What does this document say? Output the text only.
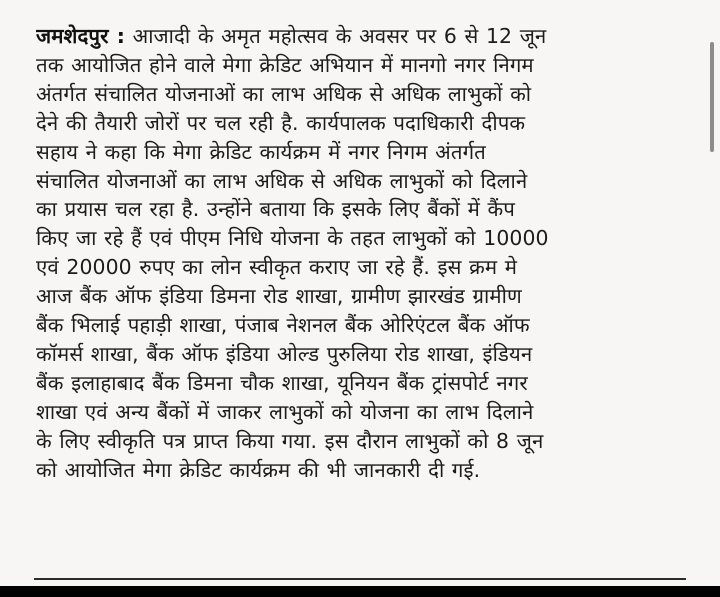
जमशेदपुर : आजादी के अमृत महोत्सव के अवसर पर 6 से 12 जून
तक आयोजित होने वाले मेगा क्रेडिट अभियान में मानगो नगर निगम
अंतर्गत संचालित योजनाओं का लाभ अधिक से अधिक लाभुकों को
देने की तैयारी जोरों पर चल रही है. कार्यपालक पदाधिकारी दीपक
सहाय ने कहा कि मेगा क्रेडिट कार्यक्रम में नगर निगम अंतर्गत
संचालित योजनाओं का लाभ अधिक से अधिक लाभुकों को दिलाने
का प्रयास चल रहा है. उन्होंने बताया कि इसके लिए बैंकों में कैंप
किए जा रहे हैं एवं पीएम निधि योजना के तहत लाभुकों को 10000
एवं 20000 रुपए का लोन स्वीकृत कराए जा रहे हैं. इस क्रम मे
आज बैंक ऑफ इंडिया डिमना रोड शाखा, ग्रामीण झारखंड ग्रामीण
बैंक भिलाई पहाड़ी शाखा, पंजाब नेशनल बैंक ओरिएंटल बैंक ऑफ
कॉमर्स शाखा, बैंक ऑफ इंडिया ओल्ड पुरुलिया रोड शाखा, इंडियन
बैंक इलाहाबाद बैंक डिमना चौक शाखा, यूनियन बैंक ट्रांसपोर्ट नगर
शाखा एवं अन्य बैंकों में जाकर लाभुकों को योजना का लाभ दिलाने
के लिए स्वीकृति पत्र प्राप्त किया गया. इस दौरान लाभुकों को 8 जून
को आयोजित मेगा क्रेडिट कार्यक्रम की भी जानकारी दी गई.
